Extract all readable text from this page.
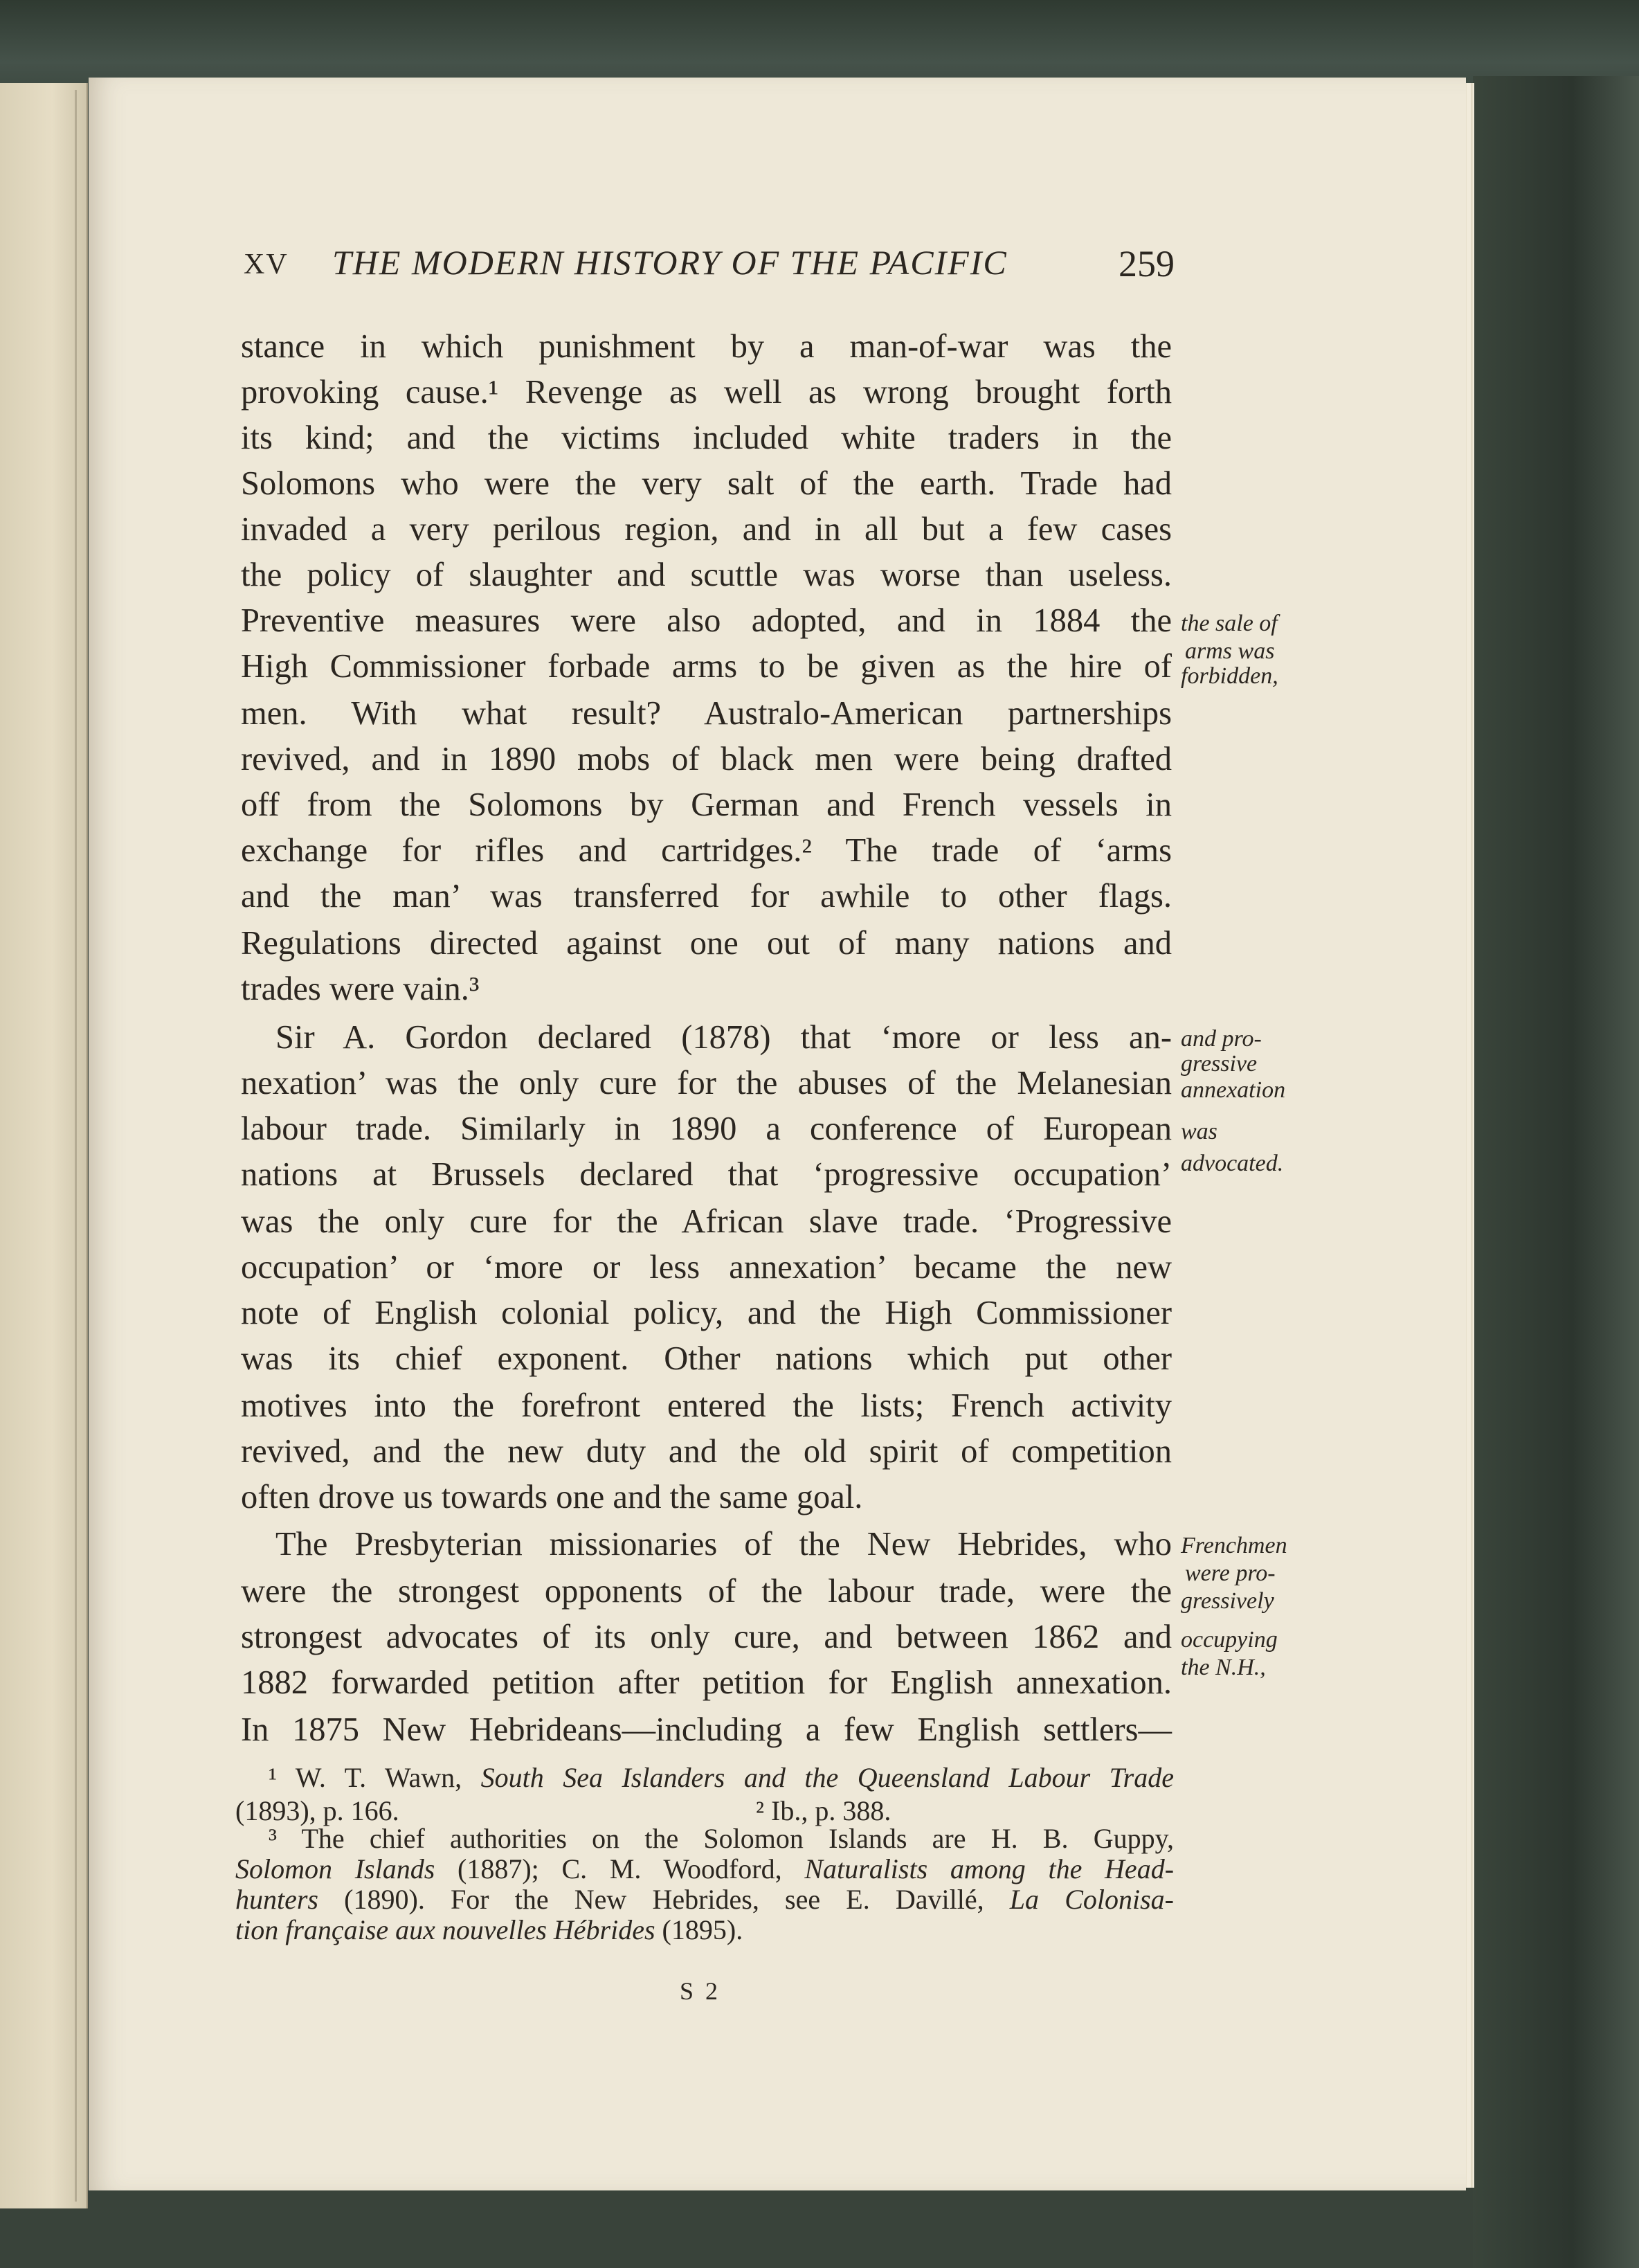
XV THE MODERN HISTORY OF THE PACIFIC	259
stance in which punishment by a man-of-war was the
provoking cause.¹ Revenge as well as wrong brought forth
its kind; and the victims included white traders in the
Solomons who were the very salt of the earth. Trade had
invaded a very perilous region, and in all but a few cases
the policy of slaughter and scuttle was worse than useless.
Preventive measures were also adopted, and in 1884 the
High Commissioner forbade arms to be given as the hire of
men. With what result? Australo-American partnerships
revived, and in 1890 mobs of black men were being drafted
off from the Solomons by German and French vessels in
exchange for rifles and cartridges.² The trade of ‘arms
and the man’ was transferred for awhile to other flags.
Regulations directed against one out of many nations and
trades were vain.³
Sir A. Gordon declared (1878) that ‘more or less an-
nexation’ was the only cure for the abuses of the Melanesian
labour trade. Similarly in 1890 a conference of European
nations at Brussels declared that ‘progressive occupation’
was the only cure for the African slave trade. ‘Progressive
occupation’ or ‘more or less annexation’ became the new
note of English colonial policy, and the High Commissioner
was its chief exponent. Other nations which put other
motives into the forefront entered the lists; French activity
revived, and the new duty and the old spirit of competition
often drove us towards one and the same goal.
The Presbyterian missionaries of the New Hebrides, who
were the strongest opponents of the labour trade, were the
strongest advocates of its only cure, and between 1862 and
1882 forwarded petition after petition for English annexation.
In 1875 New Hebrideans—including a few English settlers—
the sale of
arms was
forbidden,
and pro-
gressive
annexation
was
advocated.
Frenchmen
were pro-
gressively
occupying
the N.H.,
¹ W. T. Wawn, South Sea Islanders and the Queensland Labour Trade
(1893), p. 166.	² Ib., p. 388.
³ The chief authorities on the Solomon Islands are H. B. Guppy,
Solomon Islands (1887); C. M. Woodford, Naturalists among the Head-
hunters (1890). For the New Hebrides, see E. Davillé, La Colonisa-
tion française aux nouvelles Hébrides (1895).
S 2
